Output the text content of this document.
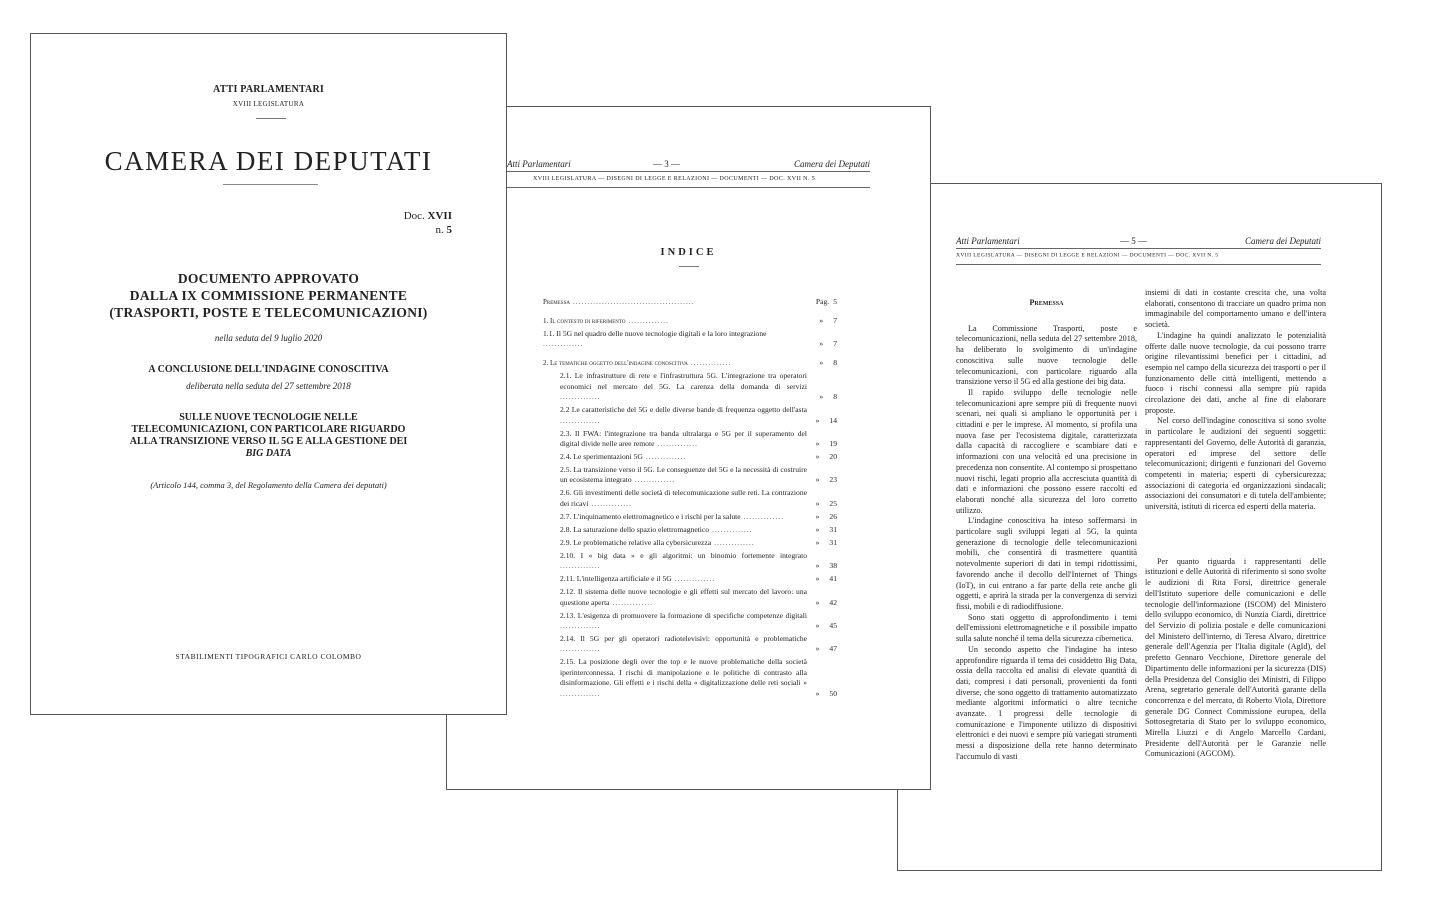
Atti Parlamentari	— 5 —	Camera dei Deputati
XVIII LEGISLATURA — DISEGNI DI LEGGE E RELAZIONI — DOCUMENTI — DOC. XVII N. 5

Premessa

La Commissione Trasporti, poste e telecomunicazioni, nella seduta del 27 settembre 2018, ha deliberato lo svolgimento di un'indagine conoscitiva sulle nuove tecnologie delle telecomunicazioni, con particolare riguardo alla transizione verso il 5G ed alla gestione dei big data.

Il rapido sviluppo delle tecnologie nelle telecomunicazioni apre sempre più di frequente nuovi scenari, nei quali si ampliano le opportunità per i cittadini e per le imprese. Al momento, si profila una nuova fase per l'ecosistema digitale, caratterizzata dalla capacità di raccogliere e scambiare dati e informazioni con una velocità ed una precisione in precedenza non consentite. Al contempo si prospettano nuovi rischi, legati proprio alla accresciuta quantità di dati e informazioni che possono essere raccolti ed elaborati nonché alla sicurezza del loro corretto utilizzo.

L'indagine conoscitiva ha inteso soffermarsi in particolare sugli sviluppi legati al 5G, la quinta generazione di tecnologie delle telecomunicazioni mobili, che consentirà di trasmettere quantità notevolmente superiori di dati in tempi ridottissimi, favorendo anche il decollo dell'Internet of Things (IoT), in cui entrano a far parte della rete anche gli oggetti, e aprirà la strada per la convergenza di servizi fissi, mobili e di radiodiffusione.

Sono stati oggetto di approfondimento i temi dell'emissioni elettromagnetiche e il possibile impatto sulla salute nonché il tema della sicurezza cibernetica.

Un secondo aspetto che l'indagine ha inteso approfondire riguarda il tema dei cosiddetto Big Data, ossia della raccolta ed analisi di elevate quantità di dati, compresi i dati personali, provenienti da fonti diverse, che sono oggetto di trattamento automatizzato mediante algoritmi informatici o altre tecniche avanzate. I progressi delle tecnologie di comunicazione e l'imponente utilizzo di dispositivi elettronici e dei nuovi e sempre più variegati strumenti messi a disposizione della rete hanno determinato l'accumulo di vasti

insiemi di dati in costante crescita che, una volta elaborati, consentono di tracciare un quadro prima non immaginabile del comportamento umano e dell'intera società.

L'indagine ha quindi analizzato le potenzialità offerte dalle nuove tecnologie, da cui possono trarre origine rilevantissimi benefici per i cittadini, ad esempio nel campo della sicurezza dei trasporti o per il funzionamento delle città intelligenti, mettendo a fuoco i rischi connessi alla sempre più rapida circolazione dei dati, anche al fine di elaborare proposte.

Nel corso dell'indagine conoscitiva si sono svolte in particolare le audizioni dei seguenti soggetti: rappresentanti del Governo, delle Autorità di garanzia, operatori ed imprese del settore delle telecomunicazioni; dirigenti e funzionari del Governo competenti in materia; esperti di cybersicurezza; associazioni di categoria ed organizzazioni sindacali; associazioni dei consumatori e di tutela dell'ambiente; università, istituti di ricerca ed esperti della materia.

Per quanto riguarda i rappresentanti delle istituzioni e delle Autorità di riferimento si sono svolte le audizioni di Rita Forsi, direttrice generale dell'Istituto superiore delle comunicazioni e delle tecnologie dell'informazione (ISCOM) del Ministero dello sviluppo economico, di Nunzia Ciardi, direttrice del Servizio di polizia postale e delle comunicazioni del Ministero dell'interno, di Teresa Alvaro, direttrice generale dell'Agenzia per l'Italia digitale (AgId), del prefetto Gennaro Vecchione, Direttore generale del Dipartimento delle informazioni per la sicurezza (DIS) della Presidenza del Consiglio dei Ministri, di Filippo Arena, segretario generale dell'Autorità garante della concorrenza e del mercato, di Roberto Viola, Direttore generale DG Connect Commissione europea, della Sottosegretaria di Stato per lo sviluppo economico, Mirella Liuzzi e di Angelo Marcello Cardani, Presidente dell'Autorità per le Garanzie nelle Comunicazioni (AGCOM).

Atti Parlamentari	— 3 —	Camera dei Deputati
XVIII LEGISLATURA — DISEGNI DI LEGGE E RELAZIONI — DOCUMENTI — DOC. XVII N. 5
INDICE
Premessa ..........................................	Pag. 5
1. Il contesto di riferimento ..............	» 7
1.1. Il 5G nel quadro delle nuove tecnologie digitali e la loro integrazione ..............	» 7
2. Le tematiche oggetto dell'indagine conoscitiva ..............	» 8
2.1. Le infrastrutture di rete e l'infrastruttura 5G. L'integrazione tra operatori economici nel mercato del 5G. La carenza della domanda di servizi ..............	» 8
2.2 Le caratteristiche del 5G e delle diverse bande di frequenza oggetto dell'asta ..............	» 14
2.3. Il FWA: l'integrazione tra banda ultralarga e 5G per il superamento del digital divide nelle aree remote ..............	» 19
2.4. Le sperimentazioni 5G ..............	» 20
2.5. La transizione verso il 5G. Le conseguenze del 5G e la necessità di costruire un ecosistema integrato ..............	» 23
2.6. Gli investimenti delle società di telecomunicazione sulle reti. La contrazione dei ricavi ..............	» 25
2.7. L'inquinamento elettromagnetico e i rischi per la salute ..............	» 26
2.8. La saturazione dello spazio elettromagnetico ..............	» 31
2.9. Le problematiche relative alla cybersicurezza ..............	» 31
2.10. I « big data » e gli algoritmi: un binomio fortemente integrato ..............	» 38
2.11. L'intelligenza artificiale e il 5G ..............	» 41
2.12. Il sistema delle nuove tecnologie e gli effetti sul mercato del lavoro: una questione aperta ..............	» 42
2.13. L'esigenza di promuovere la formazione di specifiche competenze digitali ..............	» 45
2.14. Il 5G per gli operatori radiotelevisivi: opportunità e problematiche ..............	» 47
2.15. La posizione degli over the top e le nuove problematiche della società iperinterconnessa. I rischi di manipolazione e le politiche di contrasto alla disinformazione. Gli effetti e i rischi della « digitalizzazione delle reti sociali » ..............	» 50
ATTI PARLAMENTARI
XVIII LEGISLATURA
CAMERA DEI DEPUTATI
Doc. XVII
n. 5
DOCUMENTO APPROVATO
DALLA IX COMMISSIONE PERMANENTE
(TRASPORTI, POSTE E TELECOMUNICAZIONI)
nella seduta del 9 luglio 2020
A CONCLUSIONE DELL'INDAGINE CONOSCITIVA
deliberata nella seduta del 27 settembre 2018
SULLE NUOVE TECNOLOGIE NELLE
TELECOMUNICAZIONI, CON PARTICOLARE RIGUARDO
ALLA TRANSIZIONE VERSO IL 5G E ALLA GESTIONE DEI
BIG DATA
(Articolo 144, comma 3, del Regolamento della Camera dei deputati)
STABILIMENTI TIPOGRAFICI CARLO COLOMBO
